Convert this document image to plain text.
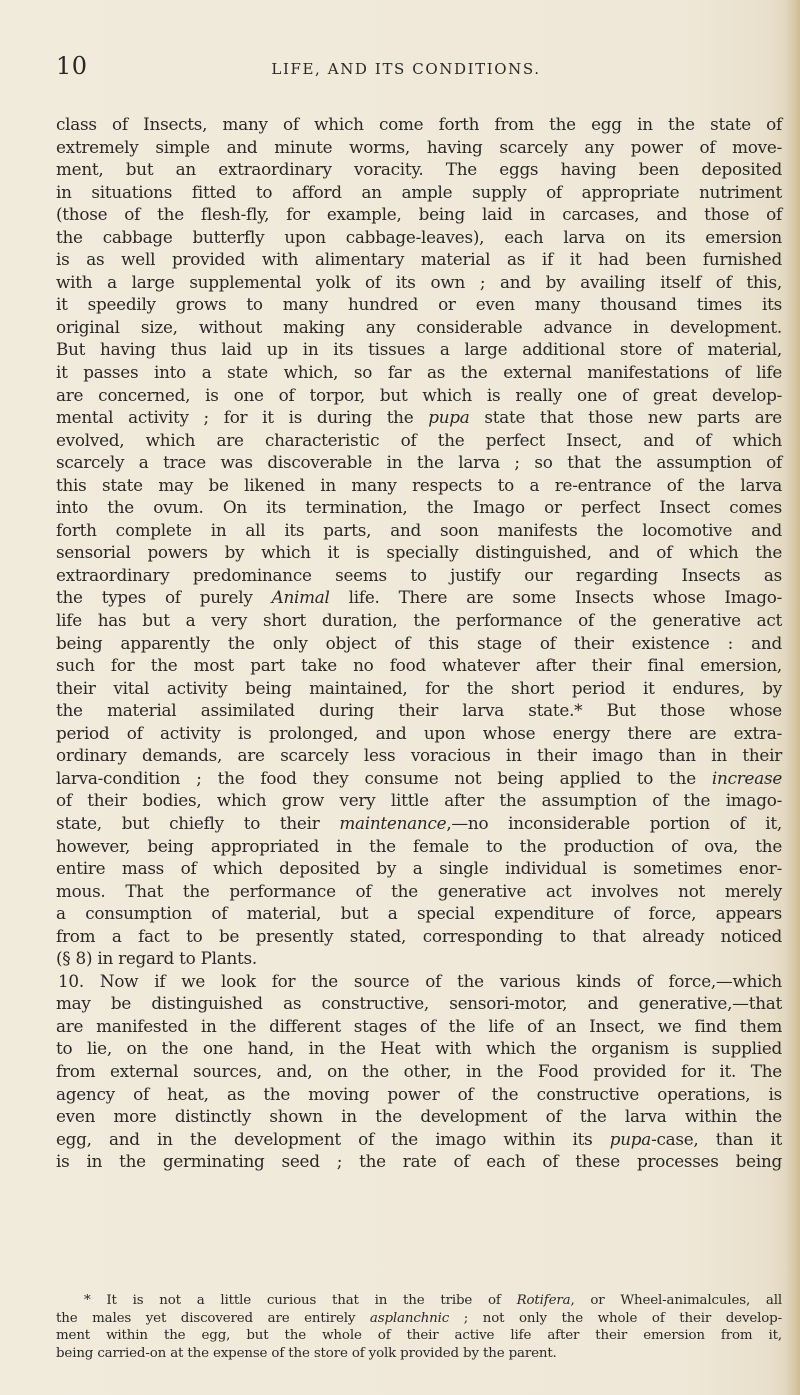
10	LIFE, AND ITS CONDITIONS.
class of Insects, many of which come forth from the egg in the state of
extremely simple and minute worms, having scarcely any power of move-
ment, but an extraordinary voracity. The eggs having been deposited
in situations fitted to afford an ample supply of appropriate nutriment
(those of the flesh-fly, for example, being laid in carcases, and those of
the cabbage butterfly upon cabbage-leaves), each larva on its emersion
is as well provided with alimentary material as if it had been furnished
with a large supplemental yolk of its own ; and by availing itself of this,
it speedily grows to many hundred or even many thousand times its
original size, without making any considerable advance in development.
But having thus laid up in its tissues a large additional store of material,
it passes into a state which, so far as the external manifestations of life
are concerned, is one of torpor, but which is really one of great develop-
mental activity ; for it is during the pupa state that those new parts are
evolved, which are characteristic of the perfect Insect, and of which
scarcely a trace was discoverable in the larva ; so that the assumption of
this state may be likened in many respects to a re-entrance of the larva
into the ovum. On its termination, the Imago or perfect Insect comes
forth complete in all its parts, and soon manifests the locomotive and
sensorial powers by which it is specially distinguished, and of which the
extraordinary predominance seems to justify our regarding Insects as
the types of purely Animal life. There are some Insects whose Imago-
life has but a very short duration, the performance of the generative act
being apparently the only object of this stage of their existence : and
such for the most part take no food whatever after their final emersion,
their vital activity being maintained, for the short period it endures, by
the material assimilated during their larva state.* But those whose
period of activity is prolonged, and upon whose energy there are extra-
ordinary demands, are scarcely less voracious in their imago than in their
larva-condition ; the food they consume not being applied to the increase
of their bodies, which grow very little after the assumption of the imago-
state, but chiefly to their maintenance,—no inconsiderable portion of it,
however, being appropriated in the female to the production of ova, the
entire mass of which deposited by a single individual is sometimes enor-
mous. That the performance of the generative act involves not merely
a consumption of material, but a special expenditure of force, appears
from a fact to be presently stated, corresponding to that already noticed
(§ 8) in regard to Plants.
10. Now if we look for the source of the various kinds of force,—which
may be distinguished as constructive, sensori-motor, and generative,—that
are manifested in the different stages of the life of an Insect, we find them
to lie, on the one hand, in the Heat with which the organism is supplied
from external sources, and, on the other, in the Food provided for it. The
agency of heat, as the moving power of the constructive operations, is
even more distinctly shown in the development of the larva within the
egg, and in the development of the imago within its pupa-case, than it
is in the germinating seed ; the rate of each of these processes being
* It is not a little curious that in the tribe of Rotifera, or Wheel-animalcules, all
the males yet discovered are entirely asplanchnic ; not only the whole of their develop-
ment within the egg, but the whole of their active life after their emersion from it,
being carried-on at the expense of the store of yolk provided by the parent.
